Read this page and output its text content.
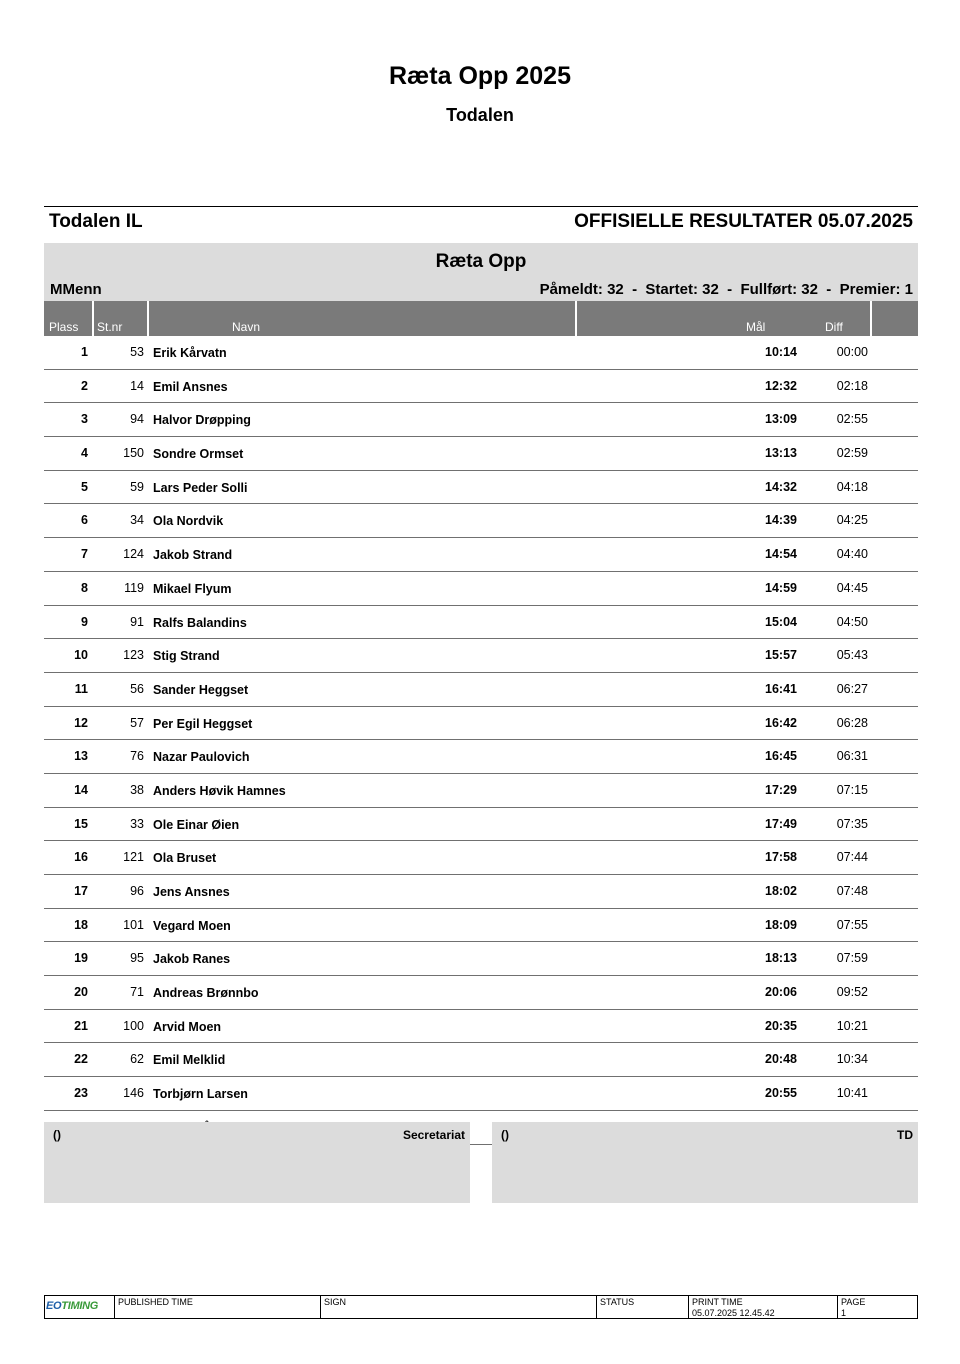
Ræta Opp 2025
Todalen
Todalen IL	OFFISIELLE RESULTATER 05.07.2025
Ræta Opp
MMenn	Påmeldt: 32  -  Startet: 32  -  Fullført: 32  -  Premier: 1
Plass St.nr	Navn	Mål	Diff
1	53 Erik Kårvatn	10:14	00:00
2	14 Emil Ansnes	12:32	02:18
3	94 Halvor Drøpping	13:09	02:55
4	150 Sondre Ormset	13:13	02:59
5	59 Lars Peder Solli	14:32	04:18
6	34 Ola Nordvik	14:39	04:25
7	124 Jakob Strand	14:54	04:40
8	119 Mikael Flyum	14:59	04:45
9	91 Ralfs Balandins	15:04	04:50
10	123 Stig Strand	15:57	05:43
11	56 Sander Heggset	16:41	06:27
12	57 Per Egil Heggset	16:42	06:28
13	76 Nazar Paulovich	16:45	06:31
14	38 Anders Høvik Hamnes	17:29	07:15
15	33 Ole Einar Øien	17:49	07:35
16	121 Ola Bruset	17:58	07:44
17	96 Jens Ansnes	18:02	07:48
18	101 Vegard Moen	18:09	07:55
19	95 Jakob Ranes	18:13	07:59
20	71 Andreas Brønnbo	20:06	09:52
21	100 Arvid Moen	20:35	10:21
22	62 Emil Melklid	20:48	10:34
23	146 Torbjørn Larsen	20:55	10:41
()	Secretariat	()	TD
EOTIMING PUBLISHED TIME	SIGN	STATUS	PRINT TIME
05.07.2025 12.45.42
PAGE
1
